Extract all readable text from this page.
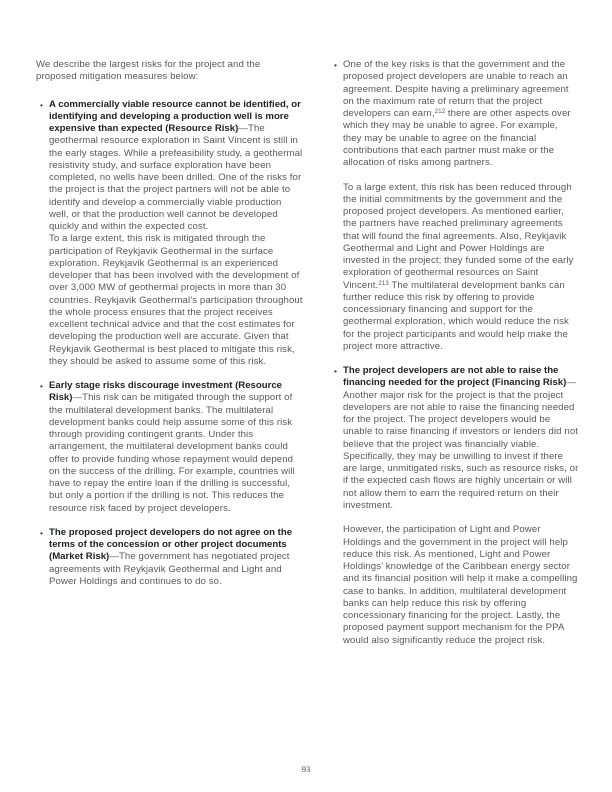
We describe the largest risks for the project and the proposed mitigation measures below:

• A commercially viable resource cannot be identified, or identifying and developing a production well is more expensive than expected (Resource Risk)—The geothermal resource exploration in Saint Vincent is still in the early stages. While a prefeasibility study, a geothermal resistivity study, and surface exploration have been completed, no wells have been drilled. One of the risks for the project is that the project partners will not be able to identify and develop a commercially viable production well, or that the production well cannot be developed quickly and within the expected cost.

To a large extent, this risk is mitigated through the participation of Reykjavik Geothermal in the surface exploration. Reykjavik Geothermal is an experienced developer that has been involved with the development of over 3,000 MW of geothermal projects in more than 30 countries. Reykjavik Geothermal’s participation throughout the whole process ensures that the project receives excellent technical advice and that the cost estimates for developing the production well are accurate. Given that Reykjavik Geothermal is best placed to mitigate this risk, they should be asked to assume some of this risk.

• Early stage risks discourage investment (Resource Risk)—This risk can be mitigated through the support of the multilateral development banks. The multilateral development banks could help assume some of this risk through providing contingent grants. Under this arrangement, the multilateral development banks could offer to provide funding whose repayment would depend on the success of the drilling. For example, countries will have to repay the entire loan if the drilling is successful, but only a portion if the drilling is not. This reduces the resource risk faced by project developers.

• The proposed project developers do not agree on the terms of the concession or other project documents (Market Risk)—The government has negotiated project agreements with Reykjavik Geothermal and Light and Power Holdings and continues to do so.

• One of the key risks is that the government and the proposed project developers are unable to reach an agreement. Despite having a preliminary agreement on the maximum rate of return that the project developers can earn,$^{212}$ there are other aspects over which they may be unable to agree. For example, they may be unable to agree on the financial contributions that each partner must make or the allocation of risks among partners.

To a large extent, this risk has been reduced through the initial commitments by the government and the proposed project developers. As mentioned earlier, the partners have reached preliminary agreements that will found the final agreements. Also, Reykjavik Geothermal and Light and Power Holdings are invested in the project; they funded some of the early exploration of geothermal resources on Saint Vincent.$^{213}$ The multilateral development banks can further reduce this risk by offering to provide concessionary financing and support for the geothermal exploration, which would reduce the risk for the project participants and would help make the project more attractive.

• The project developers are not able to raise the financing needed for the project (Financing Risk)—Another major risk for the project is that the project developers are not able to raise the financing needed for the project. The project developers would be unable to raise financing if investors or lenders did not believe that the project was financially viable. Specifically, they may be unwilling to invest if there are large, unmitigated risks, such as resource risks, or if the expected cash flows are highly uncertain or will not allow them to earn the required return on their investment.

However, the participation of Light and Power Holdings and the government in the project will help reduce this risk. As mentioned, Light and Power Holdings’ knowledge of the Caribbean energy sector and its financial position will help it make a compelling case to banks. In addition, multilateral development banks can help reduce this risk by offering concessionary financing for the project. Lastly, the proposed payment support mechanism for the PPA would also significantly reduce the project risk.

93
